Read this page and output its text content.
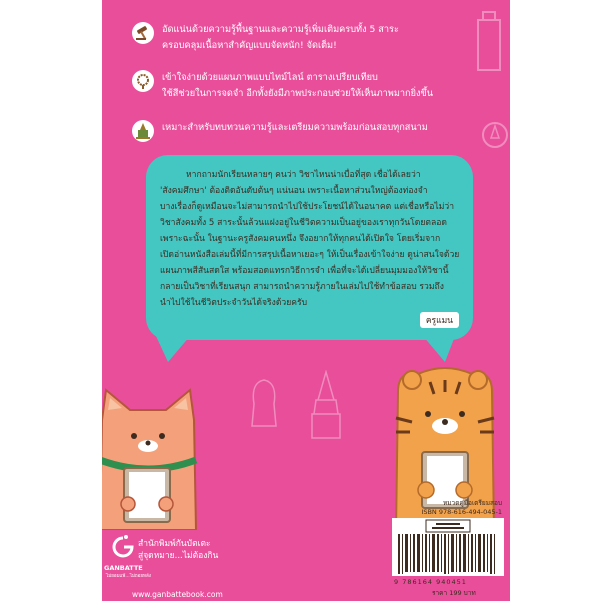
อัดแน่นด้วยความรู้พื้นฐานและความรู้เพิ่มเติมครบทั้ง 5 สาระ
ครอบคลุมเนื้อหาสำคัญแบบจัดหนัก! จัดเต็ม!
เข้าใจง่ายด้วยแผนภาพแบบไทม์ไลน์ ตารางเปรียบเทียบ
ใช้สีช่วยในการจดจำ อีกทั้งยังมีภาพประกอบช่วยให้เห็นภาพมากยิ่งขึ้น
เหมาะสำหรับทบทวนความรู้และเตรียมความพร้อมก่อนสอบทุกสนาม
หากถามนักเรียนหลายๆ คนว่า วิชาไหนน่าเบื่อที่สุด เชื่อได้เลยว่า
'สังคมศึกษา' ต้องติดอันดับต้นๆ แน่นอน เพราะเนื้อหาส่วนใหญ่ต้องท่องจำ
บางเรื่องก็ดูเหมือนจะไม่สามารถนำไปใช้ประโยชน์ได้ในอนาคต แต่เชื่อหรือไม่ว่า
วิชาสังคมทั้ง 5 สาระนั้นล้วนแฝงอยู่ในชีวิตความเป็นอยู่ของเราทุกวันโดยตลอด
เพราะฉะนั้น ในฐานะครูสังคมคนหนึ่ง จึงอยากให้ทุกคนได้เปิดใจ โดยเริ่มจาก
เปิดอ่านหนังสือเล่มนี้ที่มีการสรุปเนื้อหาเยอะๆ ให้เป็นเรื่องเข้าใจง่าย ดูน่าสนใจด้วย
แผนภาพสีสันสดใส พร้อมสอดแทรกวิธีการจำ เพื่อที่จะได้เปลี่ยนมุมมองให้วิชานี้
กลายเป็นวิชาที่เรียนสนุก สามารถนำความรู้ภายในเล่มไปใช้ทำข้อสอบ รวมถึง
นำไปใช้ในชีวิตประจำวันได้จริงด้วยครับ
ครูแมน
สำนักพิมพ์กันบัตเตะ
สู่จุดหมาย...ไม่ต้องกิน
GANBATTE
ไม่ยอมแพ้...ไม่ถอยหลัง
www.ganbattebook.com
หมวดคู่มือเตรียมสอบ
ISBN 978-616-494-045-1
9 786164 940451
ราคา 199 บาท
